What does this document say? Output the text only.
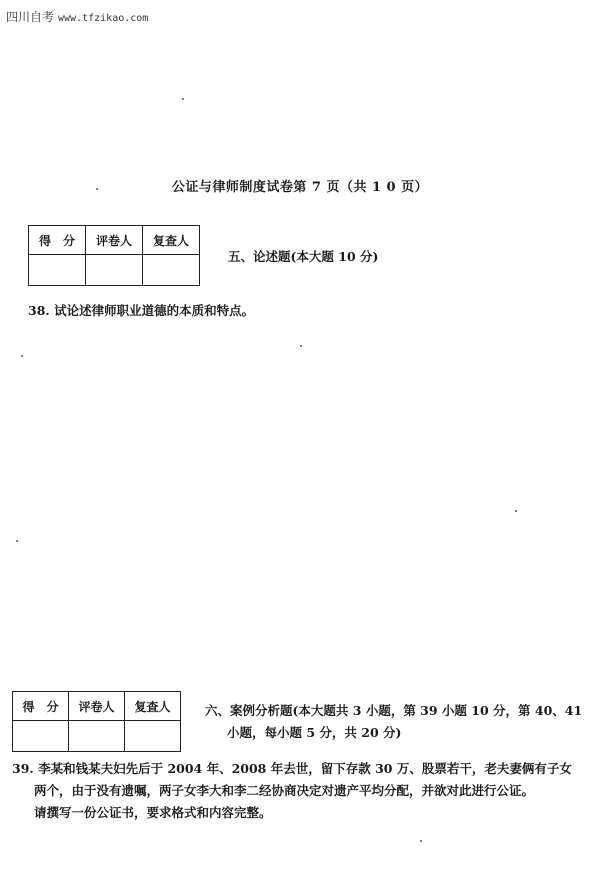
四川自考 www.tfzikao.com
公证与律师制度试卷第 7 页（共 1 0 页）
得　分	评卷人	复查人

五、论述题(本大题 10 分)
38. 试论述律师职业道德的本质和特点。
得　分	评卷人	复查人
			六、案例分析题(本大题共 3 小题，第 39 小题 10 分，第 40、41
小题，每小题 5 分，共 20 分)
39. 李某和钱某夫妇先后于 2004 年、2008 年去世，留下存款 30 万、股票若干，老夫妻俩有子女
两个，由于没有遗嘱，两子女李大和李二经协商决定对遗产平均分配，并欲对此进行公证。
请撰写一份公证书，要求格式和内容完整。
